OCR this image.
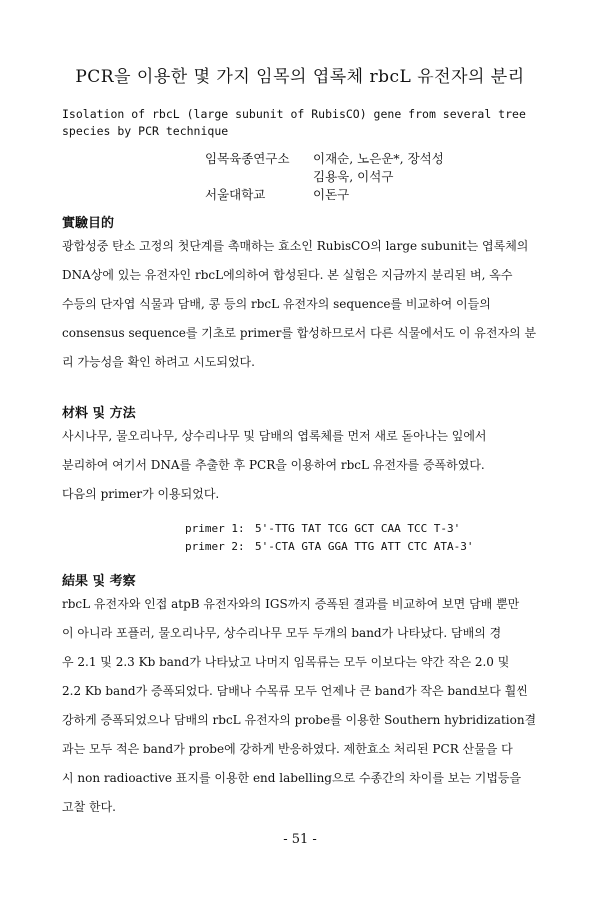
PCR을 이용한 몇 가지 임목의 엽록체 rbcL 유전자의 분리
Isolation of rbcL (large subunit of RubisCO) gene from several tree species by PCR technique
임목육종연구소 이재순, 노은운*, 장석성
김용욱, 이석구
서울대학교	이돈구
實驗目的
광합성중 탄소 고정의 첫단계를 촉매하는 효소인 RubisCO의 large subunit는 엽록체의
DNA상에 있는 유전자인 rbcL에의하여 합성된다. 본 실험은 지금까지 분리된 벼, 옥수
수등의 단자엽 식물과 담배, 콩 등의 rbcL 유전자의 sequence를 비교하여 이들의
consensus sequence를 기초로 primer를 합성하므로서 다른 식물에서도 이 유전자의 분
리 가능성을 확인 하려고 시도되었다.
材料 및 方法
사시나무, 물오리나무, 상수리나무 및 담배의 엽록체를 먼저 새로 돋아나는 잎에서
분리하여 여기서 DNA를 추출한 후 PCR을 이용하여 rbcL 유전자를 증폭하였다.
다음의 primer가 이용되었다.
primer 1: 5'-TTG TAT TCG GCT CAA TCC T-3'
primer 2: 5'-CTA GTA GGA TTG ATT CTC ATA-3'
結果 및 考察
rbcL 유전자와 인접 atpB 유전자와의 IGS까지 증폭된 결과를 비교하여 보면 담배 뿐만
이 아니라 포플러, 물오리나무, 상수리나무 모두 두개의 band가 나타났다. 담배의 경
우 2.1 및 2.3 Kb band가 나타났고 나머지 임목류는 모두 이보다는 약간 작은 2.0 및
2.2 Kb band가 증폭되었다. 담배나 수목류 모두 언제나 큰 band가 작은 band보다 훨씬
강하게 증폭되었으나 담배의 rbcL 유전자의 probe를 이용한 Southern hybridization결
과는 모두 적은 band가 probe에 강하게 반응하였다. 제한효소 처리된 PCR 산물을 다
시 non radioactive 표지를 이용한 end labelling으로 수종간의 차이를 보는 기법등을
고찰 한다.
- 51 -
